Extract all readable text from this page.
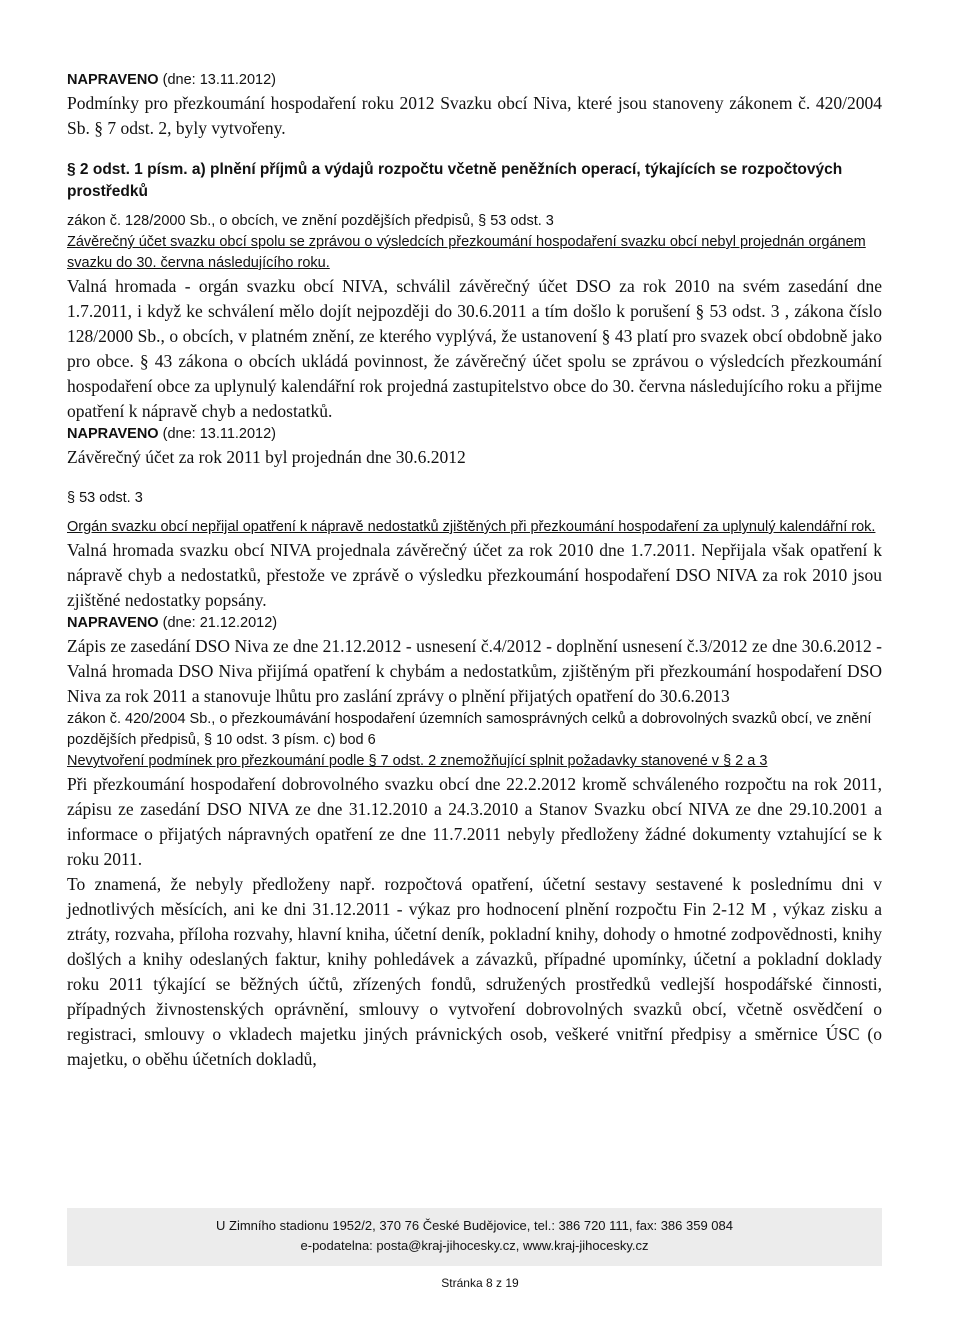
NAPRAVENO (dne: 13.11.2012)
Podmínky pro přezkoumání hospodaření roku 2012 Svazku obcí Niva, které jsou stanoveny zákonem č. 420/2004 Sb. § 7 odst. 2, byly vytvořeny.
§ 2 odst. 1 písm. a) plnění příjmů a výdajů rozpočtu včetně peněžních operací, týkajících se rozpočtových prostředků
zákon č. 128/2000 Sb., o obcích, ve znění pozdějších předpisů, § 53 odst. 3
Závěrečný účet svazku obcí spolu se zprávou o výsledcích přezkoumání hospodaření svazku obcí nebyl projednán orgánem svazku do 30. června následujícího roku.
Valná hromada - orgán svazku obcí NIVA, schválil závěrečný účet DSO za rok 2010 na svém zasedání dne 1.7.2011, i když ke schválení mělo dojít nejpozději do 30.6.2011 a tím došlo k porušení § 53 odst. 3 , zákona číslo 128/2000 Sb., o obcích, v platném znění, ze kterého vyplývá, že ustanovení § 43 platí pro svazek obcí obdobně jako pro obce. § 43 zákona o obcích ukládá povinnost, že závěrečný účet spolu se zprávou o výsledcích přezkoumání hospodaření obce za uplynulý kalendářní rok projedná zastupitelstvo obce do 30. června následujícího roku a přijme opatření k nápravě chyb a nedostatků.
NAPRAVENO (dne: 13.11.2012)
Závěrečný účet za rok 2011 byl projednán dne 30.6.2012
§ 53 odst. 3
Orgán svazku obcí nepřijal opatření k nápravě nedostatků zjištěných při přezkoumání hospodaření za uplynulý kalendářní rok.
Valná hromada svazku obcí NIVA projednala závěrečný účet za rok 2010 dne 1.7.2011. Nepřijala však opatření k nápravě chyb a nedostatků, přestože ve zprávě o výsledku přezkoumání hospodaření DSO NIVA za rok 2010 jsou zjištěné nedostatky popsány.
NAPRAVENO (dne: 21.12.2012)
Zápis ze zasedání DSO Niva ze dne 21.12.2012 - usnesení č.4/2012 - doplnění usnesení č.3/2012 ze dne 30.6.2012 - Valná hromada DSO Niva přijímá opatření k chybám a nedostatkům, zjištěným při přezkoumání hospodaření DSO Niva za rok 2011 a stanovuje lhůtu pro zaslání zprávy o plnění přijatých opatření do 30.6.2013
zákon č. 420/2004 Sb., o přezkoumávání hospodaření územních samosprávných celků a dobrovolných svazků obcí, ve znění pozdějších předpisů, § 10 odst. 3 písm. c) bod 6
Nevytvoření podmínek pro přezkoumání podle § 7 odst. 2 znemožňující splnit požadavky stanovené v § 2 a 3
Při přezkoumání hospodaření dobrovolného svazku obcí dne 22.2.2012 kromě schváleného rozpočtu na rok 2011, zápisu ze zasedání DSO NIVA ze dne 31.12.2010 a 24.3.2010 a Stanov Svazku obcí NIVA ze dne 29.10.2001 a informace o přijatých nápravných opatření ze dne 11.7.2011 nebyly předloženy žádné dokumenty vztahující se k roku 2011.
To znamená, že nebyly předloženy např. rozpočtová opatření, účetní sestavy sestavené k poslednímu dni v jednotlivých měsících, ani ke dni 31.12.2011 - výkaz pro hodnocení plnění rozpočtu Fin 2-12 M , výkaz zisku a ztráty, rozvaha, příloha rozvahy, hlavní kniha, účetní deník, pokladní knihy, dohody o hmotné zodpovědnosti, knihy došlých a knihy odeslaných faktur, knihy pohledávek a závazků, případné upomínky, účetní a pokladní doklady roku 2011 týkající se běžných účtů, zřízených fondů, sdružených prostředků vedlejší hospodářské činnosti, případných živnostenských oprávnění, smlouvy o vytvoření dobrovolných svazků obcí, včetně osvědčení o registraci, smlouvy o vkladech majetku jiných právnických osob, veškeré vnitřní předpisy a směrnice ÚSC (o majetku, o oběhu účetních dokladů,
U Zimního stadionu 1952/2, 370 76 České Budějovice, tel.: 386 720 111, fax: 386 359 084
e-podatelna: posta@kraj-jihocesky.cz, www.kraj-jihocesky.cz
Stránka 8 z 19
